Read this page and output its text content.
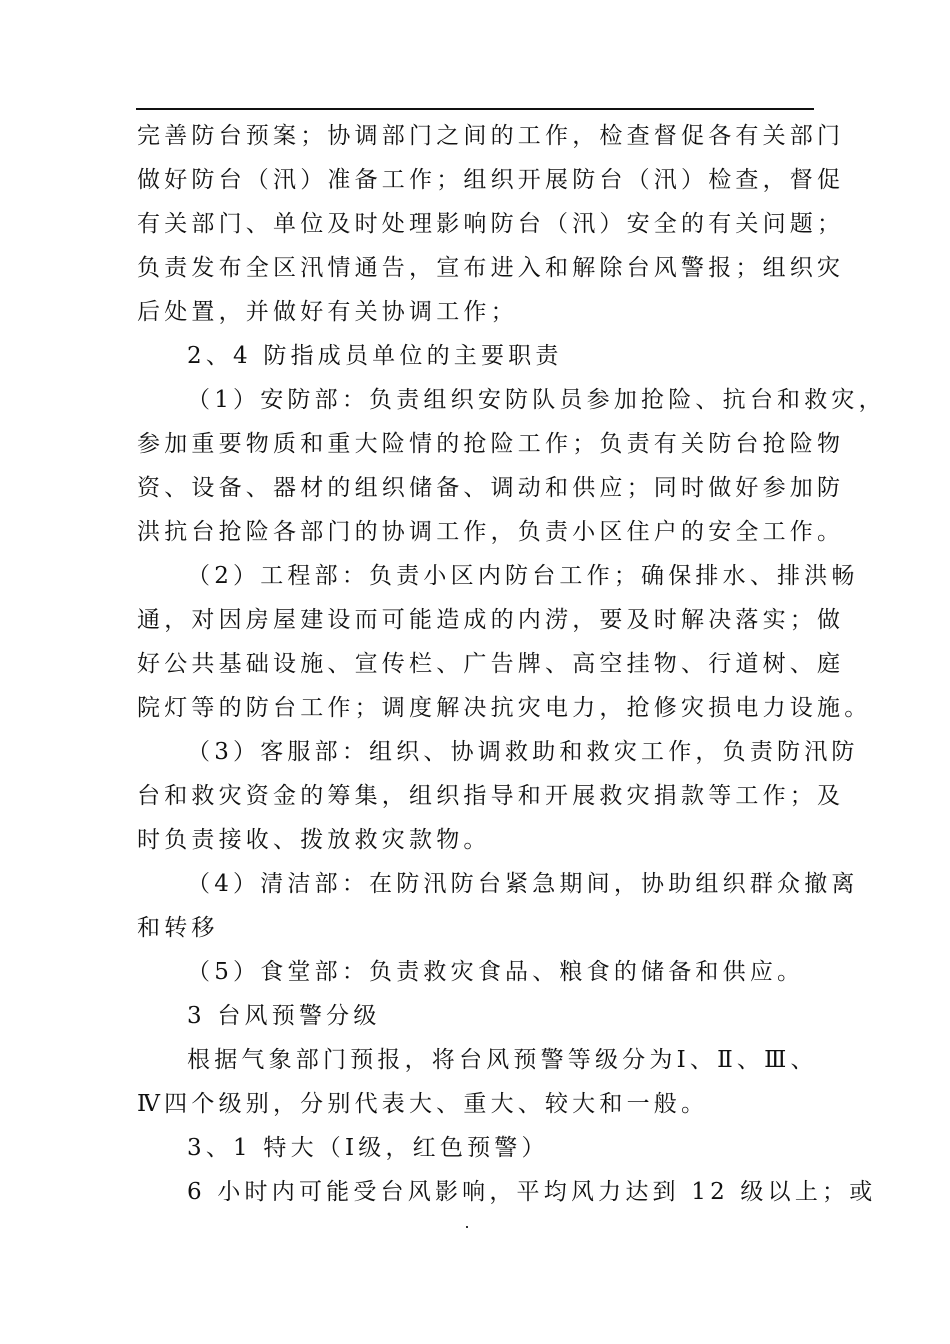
完善防台预案；协调部门之间的工作，检查督促各有关部门
做好防台（汛）准备工作；组织开展防台（汛）检查，督促
有关部门、单位及时处理影响防台（汛）安全的有关问题；
负责发布全区汛情通告，宣布进入和解除台风警报；组织灾
后处置，并做好有关协调工作；
2、4 防指成员单位的主要职责
（1）安防部：负责组织安防队员参加抢险、抗台和救灾，
参加重要物质和重大险情的抢险工作；负责有关防台抢险物
资、设备、器材的组织储备、调动和供应；同时做好参加防
洪抗台抢险各部门的协调工作，负责小区住户的安全工作。
（2）工程部：负责小区内防台工作；确保排水、排洪畅
通，对因房屋建设而可能造成的内涝，要及时解决落实；做
好公共基础设施、宣传栏、广告牌、高空挂物、行道树、庭
院灯等的防台工作；调度解决抗灾电力，抢修灾损电力设施。
（3）客服部：组织、协调救助和救灾工作，负责防汛防
台和救灾资金的筹集，组织指导和开展救灾捐款等工作；及
时负责接收、拨放救灾款物。
（4）清洁部：在防汛防台紧急期间，协助组织群众撤离
和转移
（5）食堂部：负责救灾食品、粮食的储备和供应。
3 台风预警分级
根据气象部门预报，将台风预警等级分为Ⅰ、Ⅱ、Ⅲ、
Ⅳ四个级别，分别代表大、重大、较大和一般。
3、1 特大（Ⅰ级，红色预警）
6 小时内可能受台风影响，平均风力达到 12 级以上；或
